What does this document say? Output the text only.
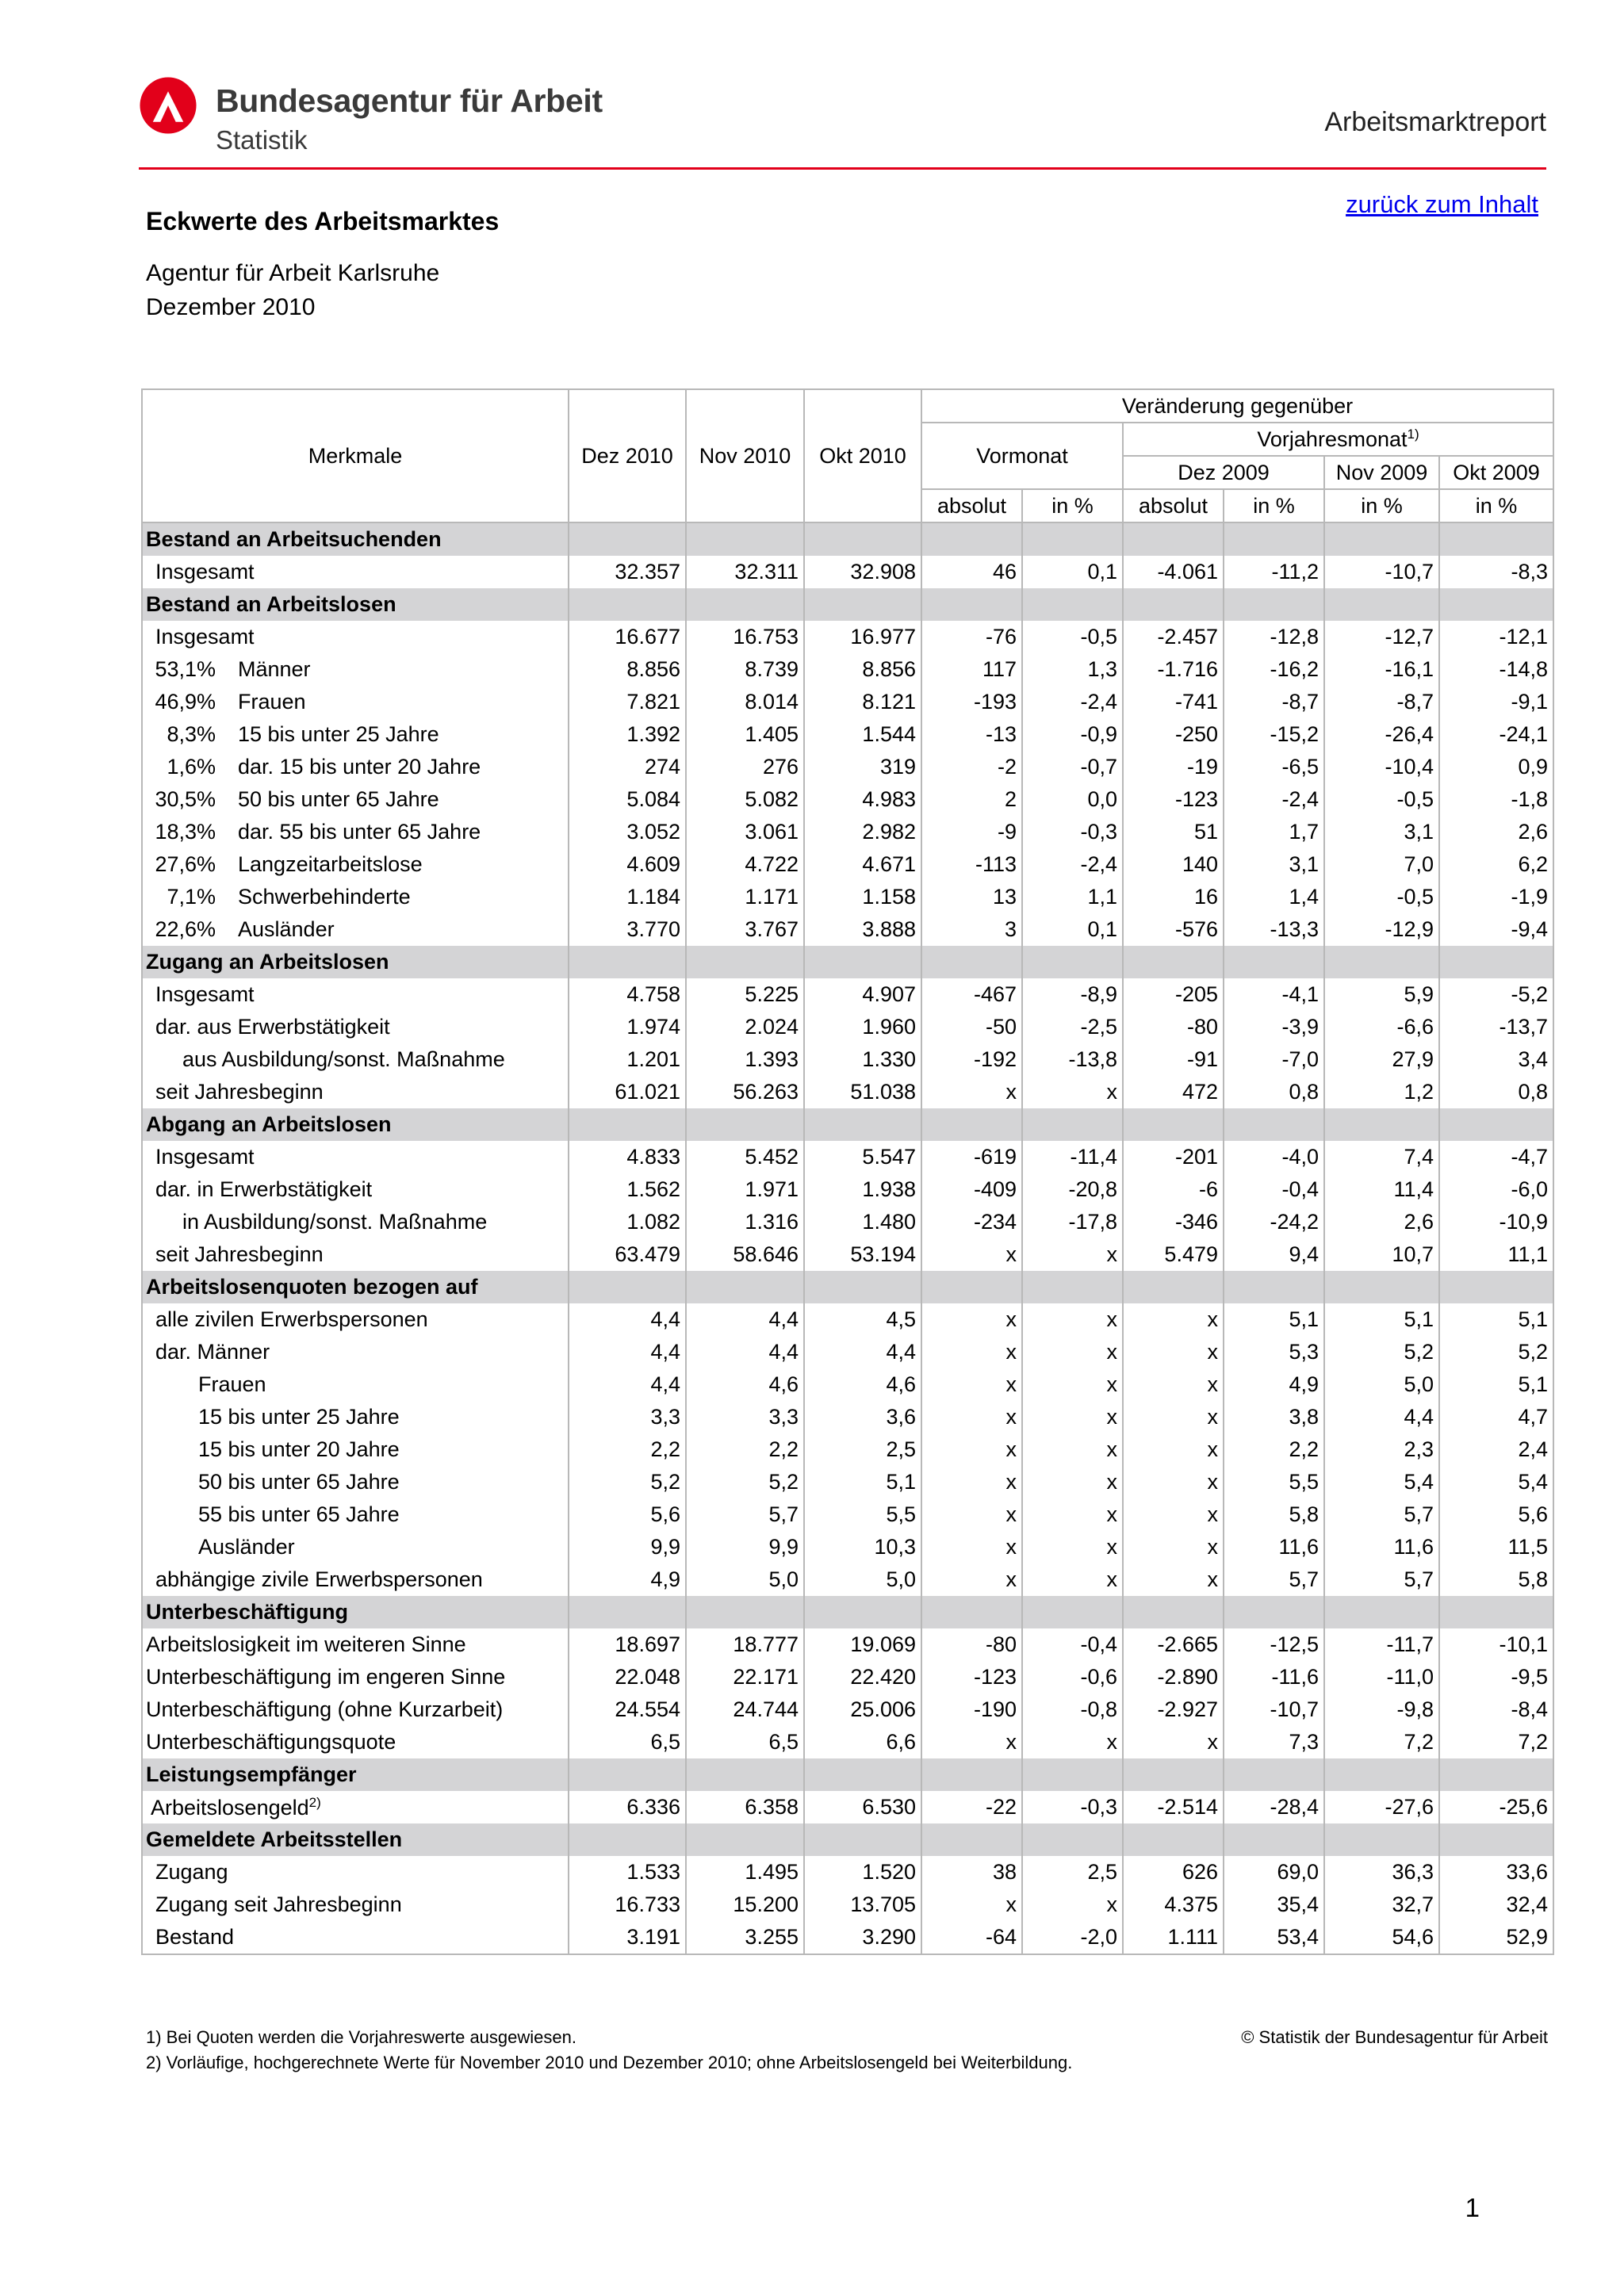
Bundesagentur für Arbeit
Statistik
Arbeitsmarktreport
zurück zum Inhalt
Eckwerte des Arbeitsmarktes
Agentur für Arbeit Karlsruhe
Dezember 2010
Merkmale	Dez 2010	Nov 2010	Okt 2010	Veränderung gegenüber					
				Vormonat		Vorjahresmonat$^{1)}$
						Dez 2009		Nov 2009	Okt 2009
				absolut	in %	absolut	in %	in %	in %
Bestand an Arbeitsuchenden									
Insgesamt	32.357	32.311	32.908	46	0,1	-4.061	-11,2	-10,7	-8,3
Bestand an Arbeitslosen									
Insgesamt	16.677	16.753	16.977	-76	-0,5	-2.457	-12,8	-12,7	-12,1
53,1% Männer	8.856	8.739	8.856	117	1,3	-1.716	-16,2	-16,1	-14,8
46,9% Frauen	7.821	8.014	8.121	-193	-2,4	-741	-8,7	-8,7	-9,1
8,3% 15 bis unter 25 Jahre	1.392	1.405	1.544	-13	-0,9	-250	-15,2	-26,4	-24,1
1,6% dar. 15 bis unter 20 Jahre	274	276	319	-2	-0,7	-19	-6,5	-10,4	0,9
30,5% 50 bis unter 65 Jahre	5.084	5.082	4.983	2	0,0	-123	-2,4	-0,5	-1,8
18,3% dar. 55 bis unter 65 Jahre	3.052	3.061	2.982	-9	-0,3	51	1,7	3,1	2,6
27,6% Langzeitarbeitslose	4.609	4.722	4.671	-113	-2,4	140	3,1	7,0	6,2
7,1% Schwerbehinderte	1.184	1.171	1.158	13	1,1	16	1,4	-0,5	-1,9
22,6% Ausländer	3.770	3.767	3.888	3	0,1	-576	-13,3	-12,9	-9,4
Zugang an Arbeitslosen									
Insgesamt	4.758	5.225	4.907	-467	-8,9	-205	-4,1	5,9	-5,2
dar. aus Erwerbstätigkeit	1.974	2.024	1.960	-50	-2,5	-80	-3,9	-6,6	-13,7
aus Ausbildung/sonst. Maßnahme	1.201	1.393	1.330	-192	-13,8	-91	-7,0	27,9	3,4
seit Jahresbeginn	61.021	56.263	51.038	x	x	472	0,8	1,2	0,8
Abgang an Arbeitslosen									
Insgesamt	4.833	5.452	5.547	-619	-11,4	-201	-4,0	7,4	-4,7
dar. in Erwerbstätigkeit	1.562	1.971	1.938	-409	-20,8	-6	-0,4	11,4	-6,0
in Ausbildung/sonst. Maßnahme	1.082	1.316	1.480	-234	-17,8	-346	-24,2	2,6	-10,9
seit Jahresbeginn	63.479	58.646	53.194	x	x	5.479	9,4	10,7	11,1
Arbeitslosenquoten bezogen auf									
alle zivilen Erwerbspersonen	4,4	4,4	4,5	x	x	x	5,1	5,1	5,1
dar. Männer	4,4	4,4	4,4	x	x	x	5,3	5,2	5,2
Frauen	4,4	4,6	4,6	x	x	x	4,9	5,0	5,1
15 bis unter 25 Jahre	3,3	3,3	3,6	x	x	x	3,8	4,4	4,7
15 bis unter 20 Jahre	2,2	2,2	2,5	x	x	x	2,2	2,3	2,4
50 bis unter 65 Jahre	5,2	5,2	5,1	x	x	x	5,5	5,4	5,4
55 bis unter 65 Jahre	5,6	5,7	5,5	x	x	x	5,8	5,7	5,6
Ausländer	9,9	9,9	10,3	x	x	x	11,6	11,6	11,5
abhängige zivile Erwerbspersonen	4,9	5,0	5,0	x	x	x	5,7	5,7	5,8
Unterbeschäftigung									
Arbeitslosigkeit im weiteren Sinne	18.697	18.777	19.069	-80	-0,4	-2.665	-12,5	-11,7	-10,1
Unterbeschäftigung im engeren Sinne	22.048	22.171	22.420	-123	-0,6	-2.890	-11,6	-11,0	-9,5
Unterbeschäftigung (ohne Kurzarbeit)	24.554	24.744	25.006	-190	-0,8	-2.927	-10,7	-9,8	-8,4
Unterbeschäftigungsquote	6,5	6,5	6,6	x	x	x	7,3	7,2	7,2
Leistungsempfänger									
Arbeitslosengeld$^{2)}$	6.336	6.358	6.530	-22	-0,3	-2.514	-28,4	-27,6	-25,6
Gemeldete Arbeitsstellen									
Zugang	1.533	1.495	1.520	38	2,5	626	69,0	36,3	33,6
Zugang seit Jahresbeginn	16.733	15.200	13.705	x	x	4.375	35,4	32,7	32,4
Bestand	3.191	3.255	3.290	-64	-2,0	1.111	53,4	54,6	52,9
1) Bei Quoten werden die Vorjahreswerte ausgewiesen.
2) Vorläufige, hochgerechnete Werte für November 2010 und Dezember 2010; ohne Arbeitslosengeld bei Weiterbildung.
© Statistik der Bundesagentur für Arbeit
1
